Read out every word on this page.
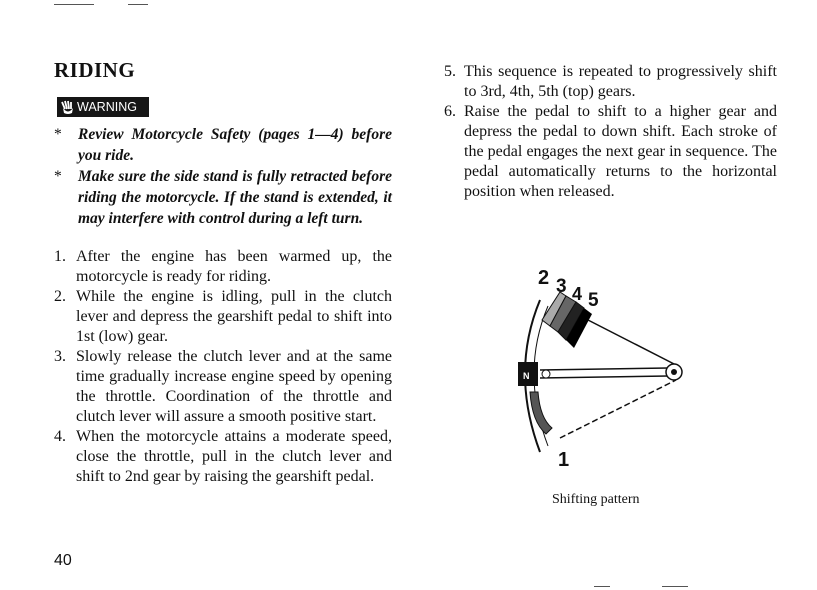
RIDING
WARNING
*	Review Motorcycle Safety (pages 1—4) before you ride.
*	Make sure the side stand is fully retracted before riding the motorcycle. If the stand is extended, it may interfere with control during a left turn.
1. After the engine has been warmed up, the motorcycle is ready for riding.
2. While the engine is idling, pull in the clutch lever and depress the gearshift pedal to shift into 1st (low) gear.
3. Slowly release the clutch lever and at the same time gradually increase engine speed by opening the throttle. Coordination of the throttle and clutch lever will assure a smooth positive start.
4. When the motorcycle attains a moderate speed, close the throttle, pull in the clutch lever and shift to 2nd gear by raising the gearshift pedal.
5. This sequence is repeated to progressively shift to 3rd, 4th, 5th (top) gears.
6. Raise the pedal to shift to a higher gear and depress the pedal to down shift. Each stroke of the pedal engages the next gear in sequence. The pedal automatically returns to the horizontal position when released.
N
2 3 4 5
1
Shifting pattern
40
